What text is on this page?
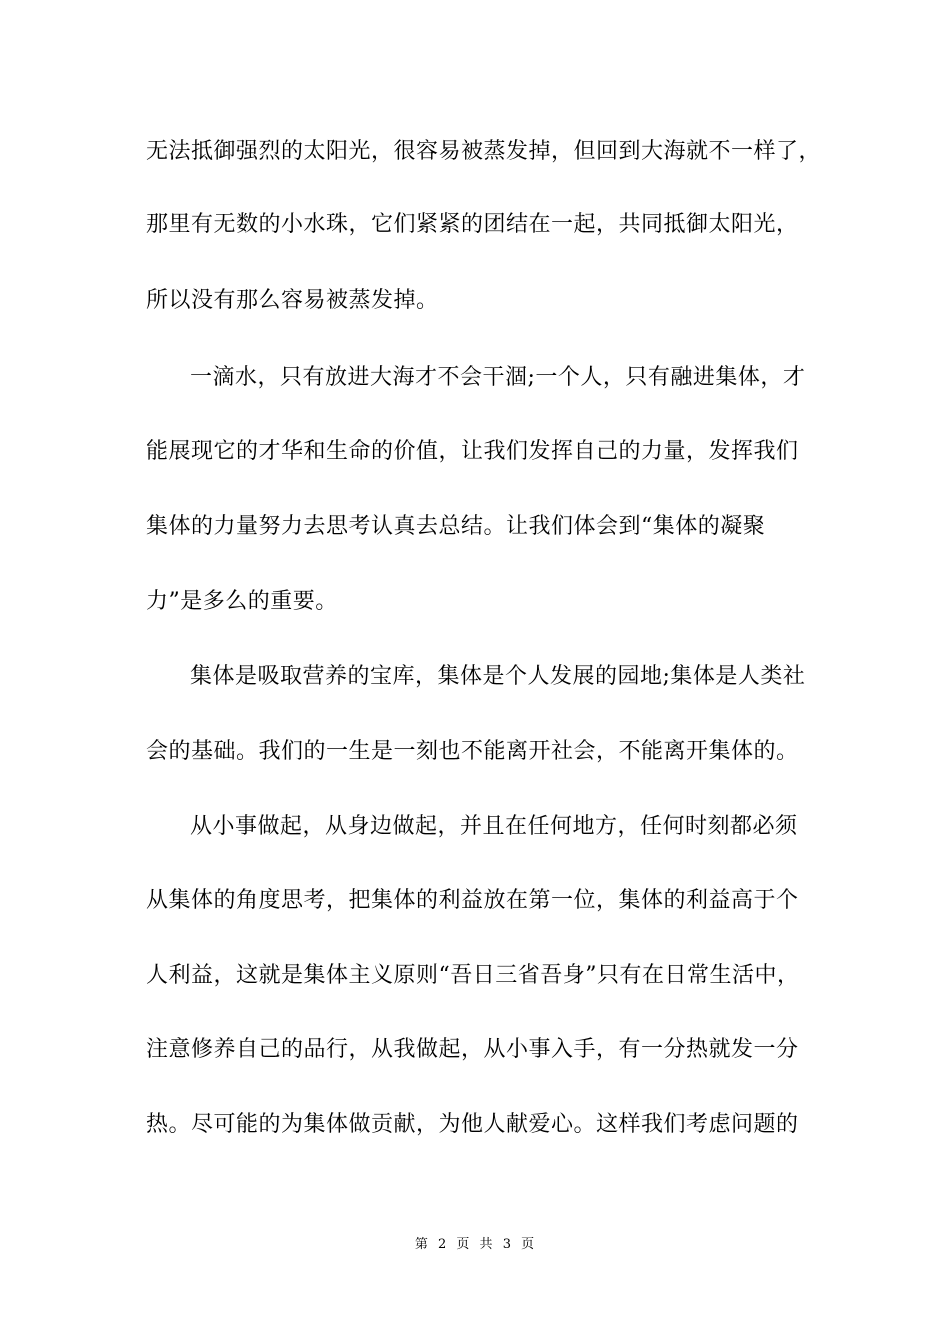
无法抵御强烈的太阳光，很容易被蒸发掉，但回到大海就不一样了，
那里有无数的小水珠，它们紧紧的团结在一起，共同抵御太阳光，
所以没有那么容易被蒸发掉。
一滴水，只有放进大海才不会干涸;一个人，只有融进集体，才
能展现它的才华和生命的价值，让我们发挥自己的力量，发挥我们
集体的力量努力去思考认真去总结。让我们体会到“集体的凝聚
力”是多么的重要。
集体是吸取营养的宝库，集体是个人发展的园地;集体是人类社
会的基础。我们的一生是一刻也不能离开社会，不能离开集体的。
从小事做起，从身边做起，并且在任何地方，任何时刻都必须
从集体的角度思考，把集体的利益放在第一位，集体的利益高于个
人利益，这就是集体主义原则“吾日三省吾身”只有在日常生活中，
注意修养自己的品行，从我做起，从小事入手，有一分热就发一分
热。尽可能的为集体做贡献，为他人献爱心。这样我们考虑问题的
第 2 页 共 3 页
